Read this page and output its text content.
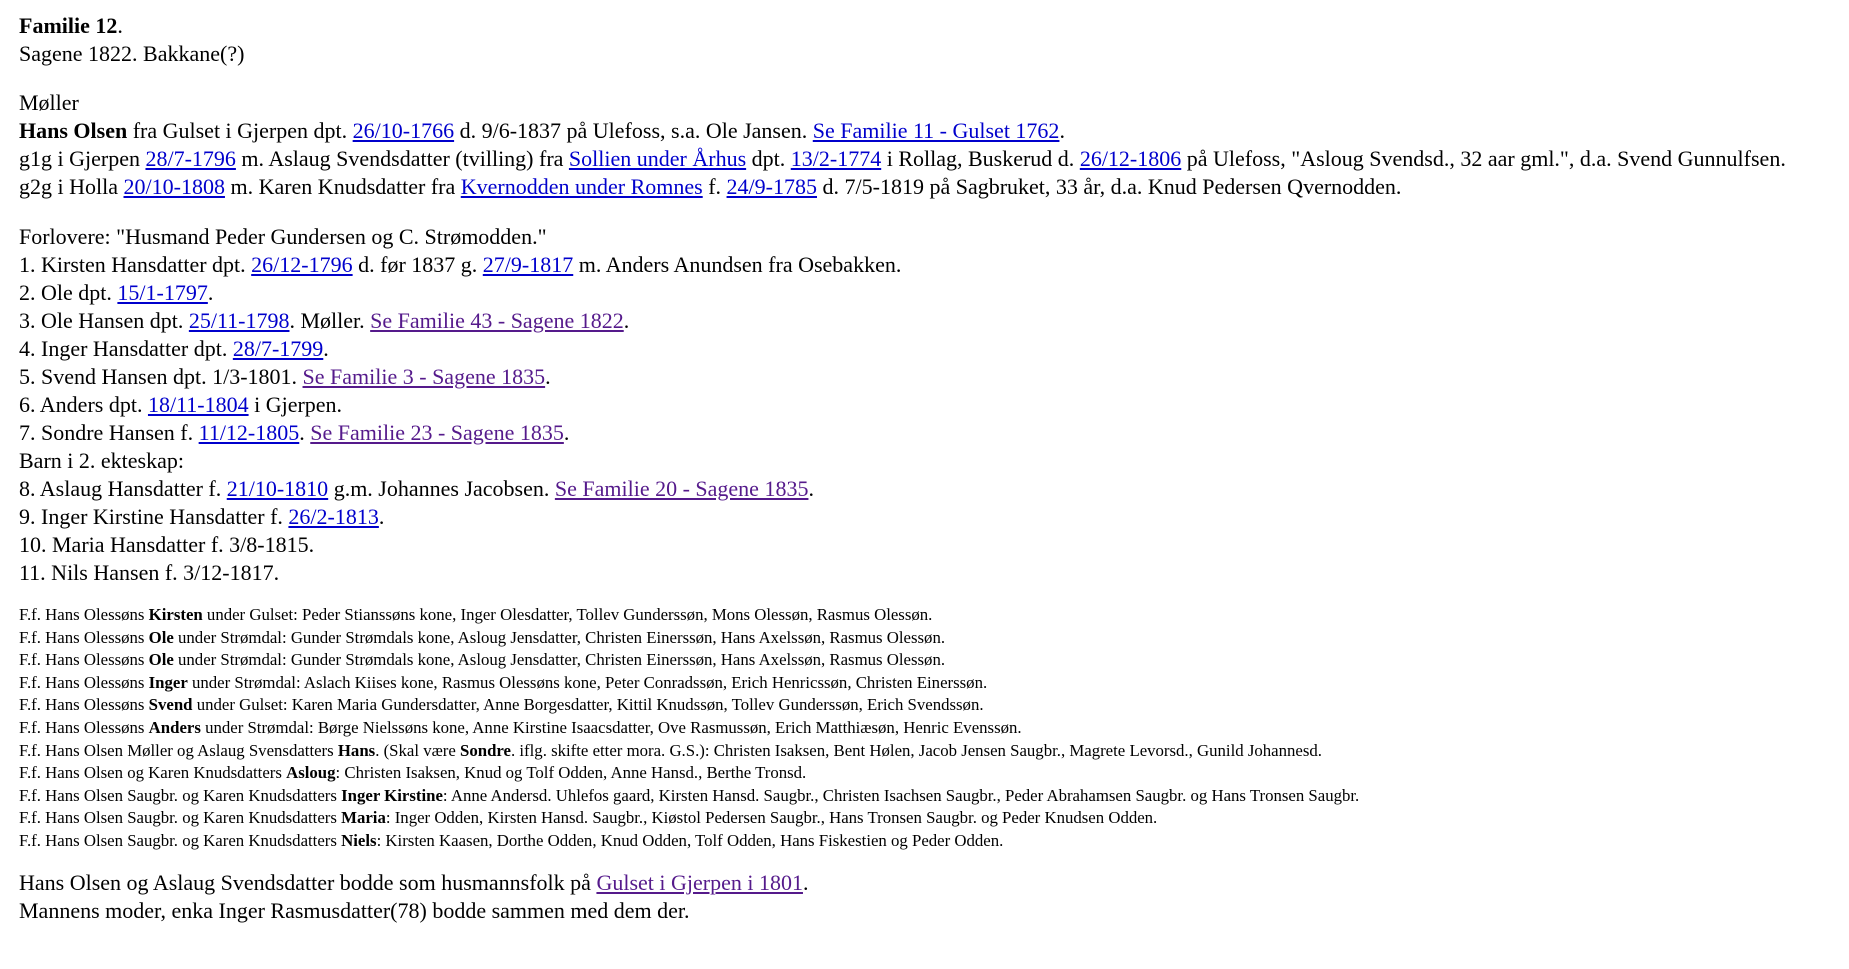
Familie 12.
Sagene 1822. Bakkane(?)
Møller
Hans Olsen fra Gulset i Gjerpen dpt. 26/10-1766 d. 9/6-1837 på Ulefoss, s.a. Ole Jansen. Se Familie 11 - Gulset 1762.
g1g i Gjerpen 28/7-1796 m. Aslaug Svendsdatter (tvilling) fra Sollien under Århus dpt. 13/2-1774 i Rollag, Buskerud d. 26/12-1806 på Ulefoss, "Asloug Svendsd., 32 aar gml.", d.a. Svend Gunnulfsen.
g2g i Holla 20/10-1808 m. Karen Knudsdatter fra Kvernodden under Romnes f. 24/9-1785 d. 7/5-1819 på Sagbruket, 33 år, d.a. Knud Pedersen Qvernodden.
Forlovere: "Husmand Peder Gundersen og C. Strømodden."
1. Kirsten Hansdatter dpt. 26/12-1796 d. før 1837 g. 27/9-1817 m. Anders Anundsen fra Osebakken.
2. Ole dpt. 15/1-1797.
3. Ole Hansen dpt. 25/11-1798. Møller. Se Familie 43 - Sagene 1822.
4. Inger Hansdatter dpt. 28/7-1799.
5. Svend Hansen dpt. 1/3-1801. Se Familie 3 - Sagene 1835.
6. Anders dpt. 18/11-1804 i Gjerpen.
7. Sondre Hansen f. 11/12-1805. Se Familie 23 - Sagene 1835.
Barn i 2. ekteskap:
8. Aslaug Hansdatter f. 21/10-1810 g.m. Johannes Jacobsen. Se Familie 20 - Sagene 1835.
9. Inger Kirstine Hansdatter f. 26/2-1813.
10. Maria Hansdatter f. 3/8-1815.
11. Nils Hansen f. 3/12-1817.
F.f. Hans Olessøns Kirsten under Gulset: Peder Stianssøns kone, Inger Olesdatter, Tollev Gunderssøn, Mons Olessøn, Rasmus Olessøn.
F.f. Hans Olessøns Ole under Strømdal: Gunder Strømdals kone, Asloug Jensdatter, Christen Einerssøn, Hans Axelssøn, Rasmus Olessøn.
F.f. Hans Olessøns Ole under Strømdal: Gunder Strømdals kone, Asloug Jensdatter, Christen Einerssøn, Hans Axelssøn, Rasmus Olessøn.
F.f. Hans Olessøns Inger under Strømdal: Aslach Kiises kone, Rasmus Olessøns kone, Peter Conradssøn, Erich Henricssøn, Christen Einerssøn.
F.f. Hans Olessøns Svend under Gulset: Karen Maria Gundersdatter, Anne Borgesdatter, Kittil Knudssøn, Tollev Gunderssøn, Erich Svendssøn.
F.f. Hans Olessøns Anders under Strømdal: Børge Nielssøns kone, Anne Kirstine Isaacsdatter, Ove Rasmussøn, Erich Matthiæsøn, Henric Evenssøn.
F.f. Hans Olsen Møller og Aslaug Svensdatters Hans. (Skal være Sondre. iflg. skifte etter mora. G.S.): Christen Isaksen, Bent Hølen, Jacob Jensen Saugbr., Magrete Levorsd., Gunild Johannesd.
F.f. Hans Olsen og Karen Knudsdatters Asloug: Christen Isaksen, Knud og Tolf Odden, Anne Hansd., Berthe Tronsd.
F.f. Hans Olsen Saugbr. og Karen Knudsdatters Inger Kirstine: Anne Andersd. Uhlefos gaard, Kirsten Hansd. Saugbr., Christen Isachsen Saugbr., Peder Abrahamsen Saugbr. og Hans Tronsen Saugbr.
F.f. Hans Olsen Saugbr. og Karen Knudsdatters Maria: Inger Odden, Kirsten Hansd. Saugbr., Kiøstol Pedersen Saugbr., Hans Tronsen Saugbr. og Peder Knudsen Odden.
F.f. Hans Olsen Saugbr. og Karen Knudsdatters Niels: Kirsten Kaasen, Dorthe Odden, Knud Odden, Tolf Odden, Hans Fiskestien og Peder Odden.
Hans Olsen og Aslaug Svendsdatter bodde som husmannsfolk på Gulset i Gjerpen i 1801.
Mannens moder, enka Inger Rasmusdatter(78) bodde sammen med dem der.
